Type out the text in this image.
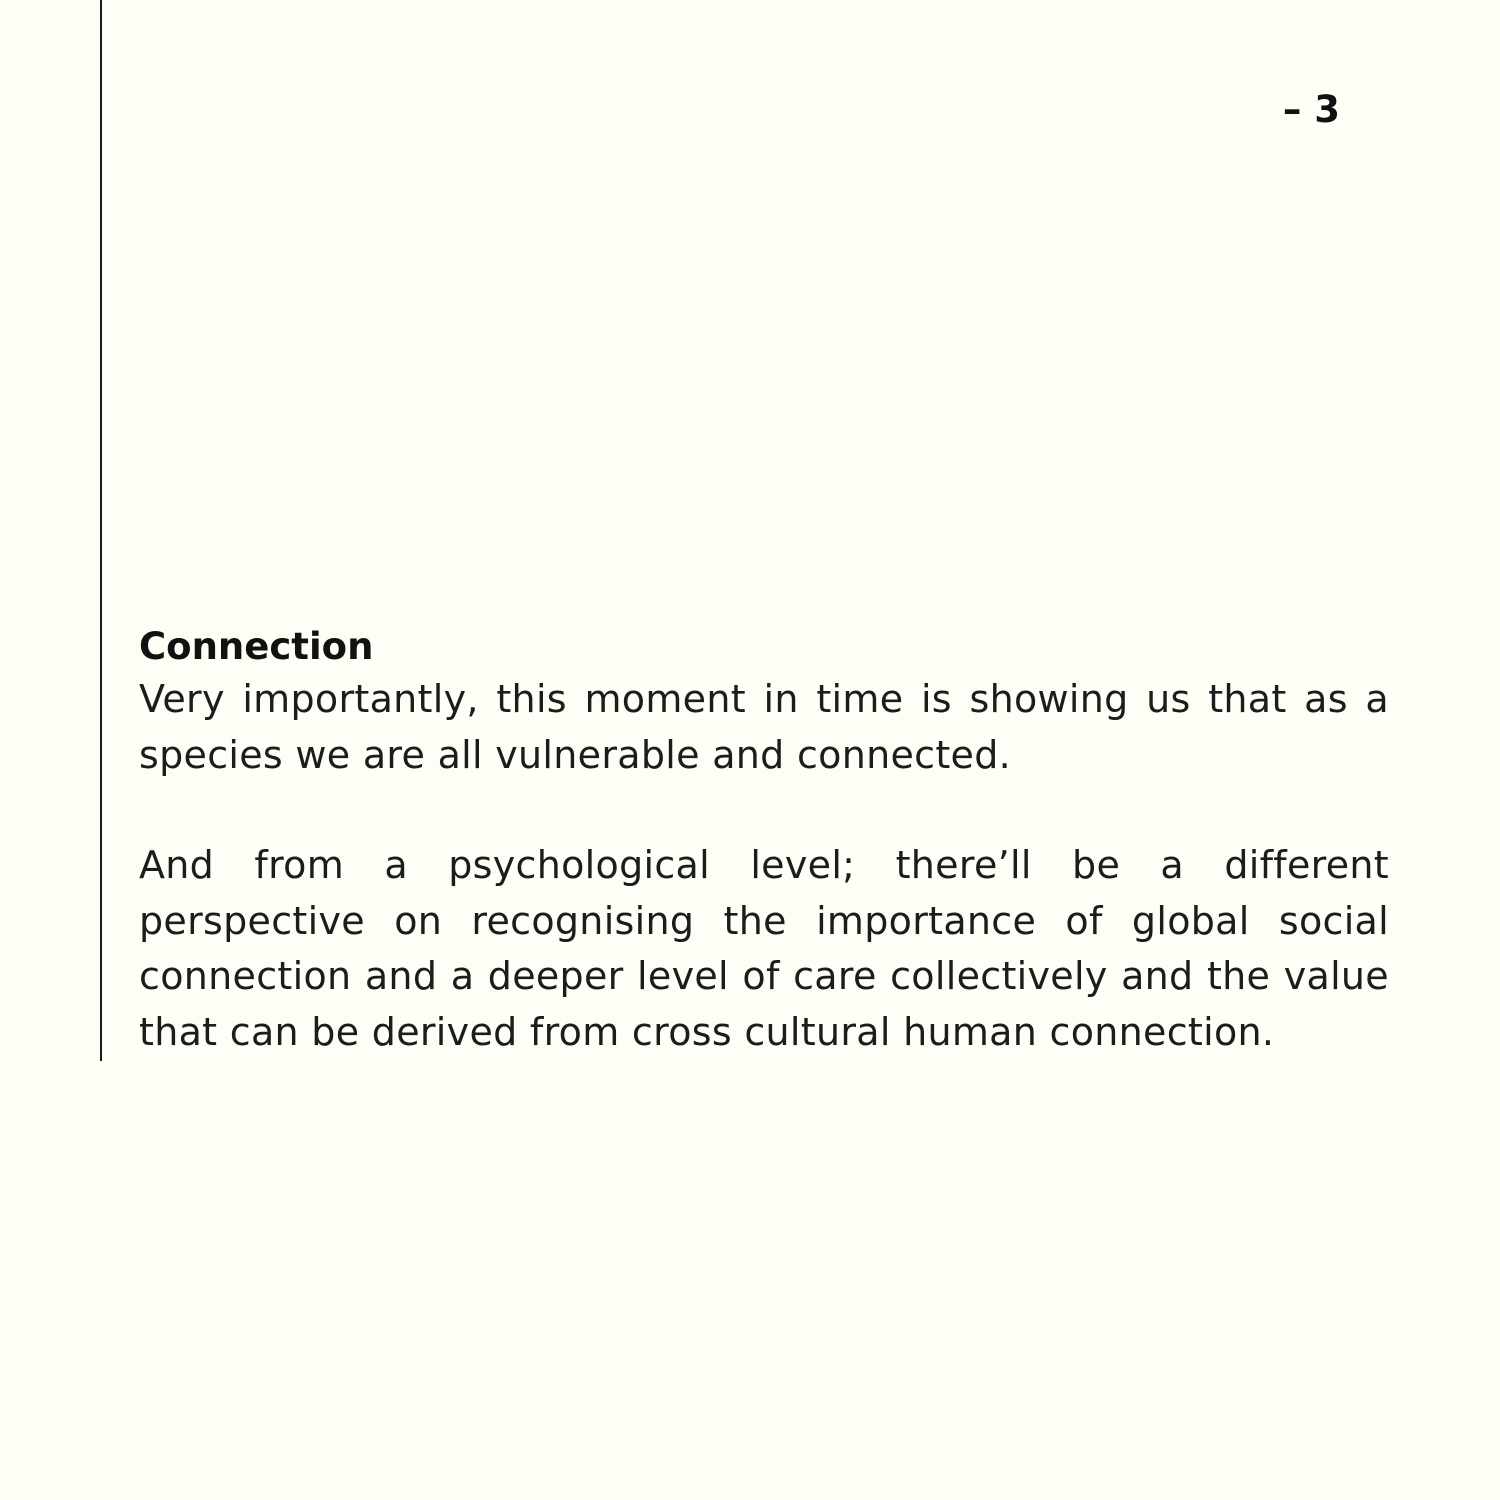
– 3
Connection

Very importantly, this moment in time is showing us that as a species we are all vulnerable and connected.

And from a psychological level; there’ll be a different perspective on recognising the importance of global social connection and a deeper level of care collectively and the value that can be derived from cross cultural human connection.
